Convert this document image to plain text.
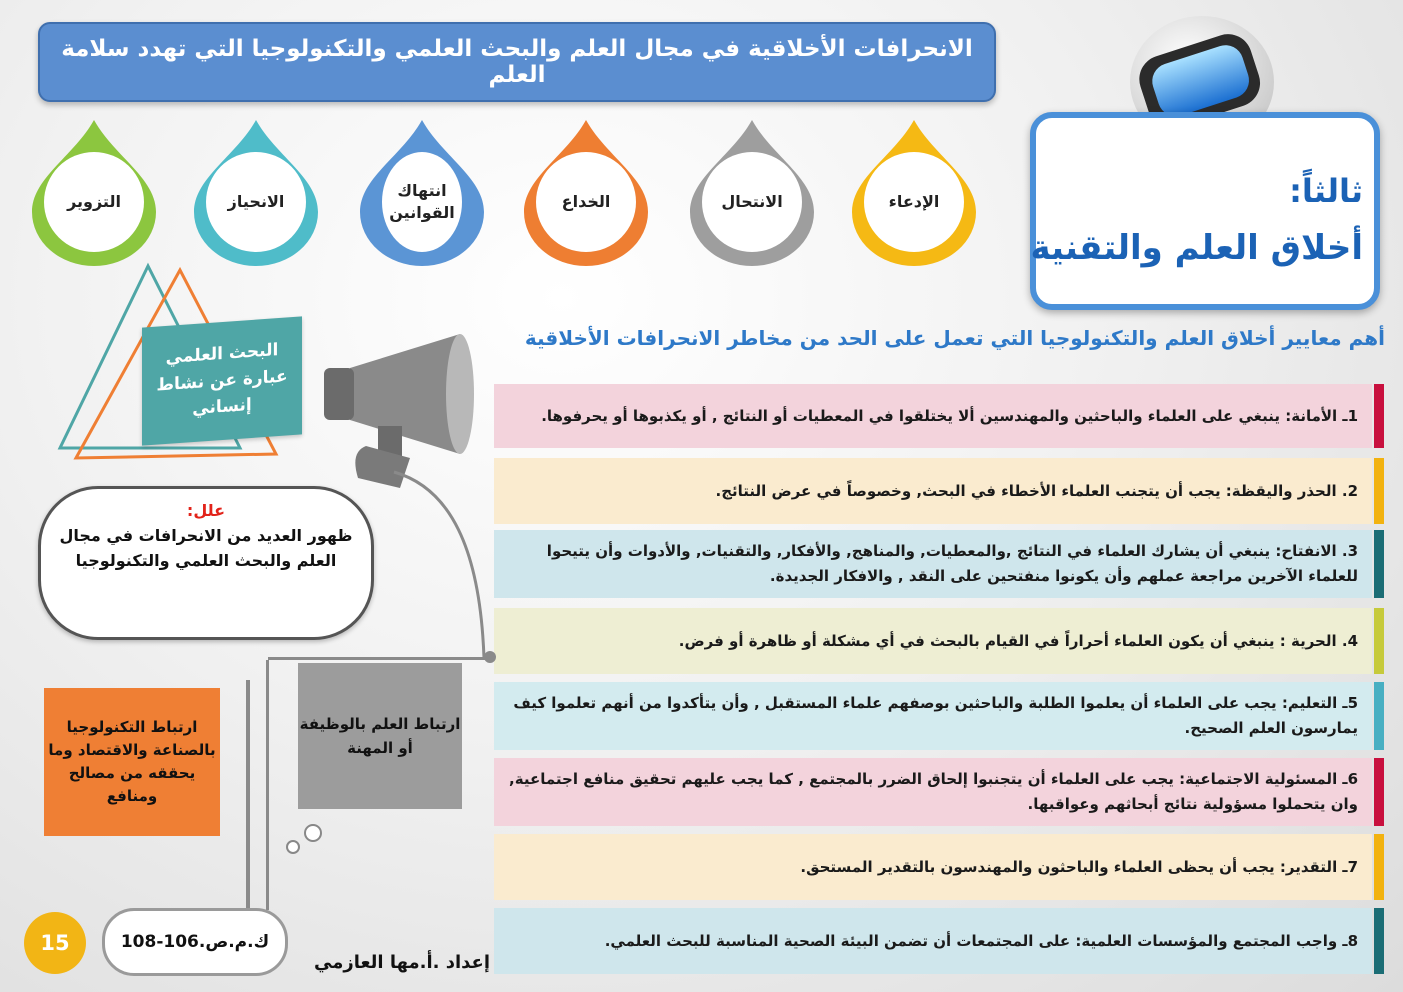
الانحرافات الأخلاقية في مجال العلم والبحث العلمي والتكنولوجيا التي تهدد سلامة العلم
التزوير	الانحياز
انتهاك القوانين
الخداع	الانتحال	الإدعاء	ثالثاً:
أخلاق العلم والتقنية
أهم معايير أخلاق العلم والتكنولوجيا التي تعمل على الحد من مخاطر الانحرافات الأخلاقية
1ـ الأمانة: ينبغي على العلماء والباحثين والمهندسين ألا يختلقوا في المعطيات أو النتائج , أو يكذبوها أو يحرفوها.
2. الحذر واليقظة: يجب أن يتجنب العلماء الأخطاء في البحث, وخصوصاً في عرض النتائج.
3. الانفتاح: ينبغي أن يشارك العلماء في النتائج ,والمعطيات, والمناهج, والأفكار, والتقنيات, والأدوات وأن يتيحوا للعلماء الآخرين مراجعة عملهم وأن يكونوا منفتحين على النقد , والافكار الجديدة.
4. الحرية : ينبغي أن يكون العلماء أحراراً في القيام بالبحث في أي مشكلة أو ظاهرة أو فرض.
5ـ التعليم: يجب على العلماء أن يعلموا الطلبة والباحثين بوصفهم علماء المستقبل , وأن يتأكدوا من أنهم تعلموا كيف يمارسون العلم الصحيح.
6ـ المسئولية الاجتماعية: يجب على العلماء أن يتجنبوا إلحاق الضرر بالمجتمع , كما يجب عليهم تحقيق منافع اجتماعية, وان يتحملوا مسؤولية نتائج أبحاثهم وعواقبها.
7ـ التقدير: يجب أن يحظى العلماء والباحثون والمهندسون بالتقدير المستحق.
8ـ واجب المجتمع والمؤسسات العلمية: على المجتمعات أن تضمن البيئة الصحية المناسبة للبحث العلمي.
البحث العلمي عبارة عن نشاط إنساني
علل:
ظهور العديد من الانحرافات في مجال العلم والبحث العلمي والتكنولوجيا
ارتباط التكنولوجيا بالصناعة والاقتصاد وما يحققه من مصالح ومنافع
ارتباط العلم بالوظيفة أو المهنة
15	ك.م.ص.106-108
إعداد .أ.مها العازمي
